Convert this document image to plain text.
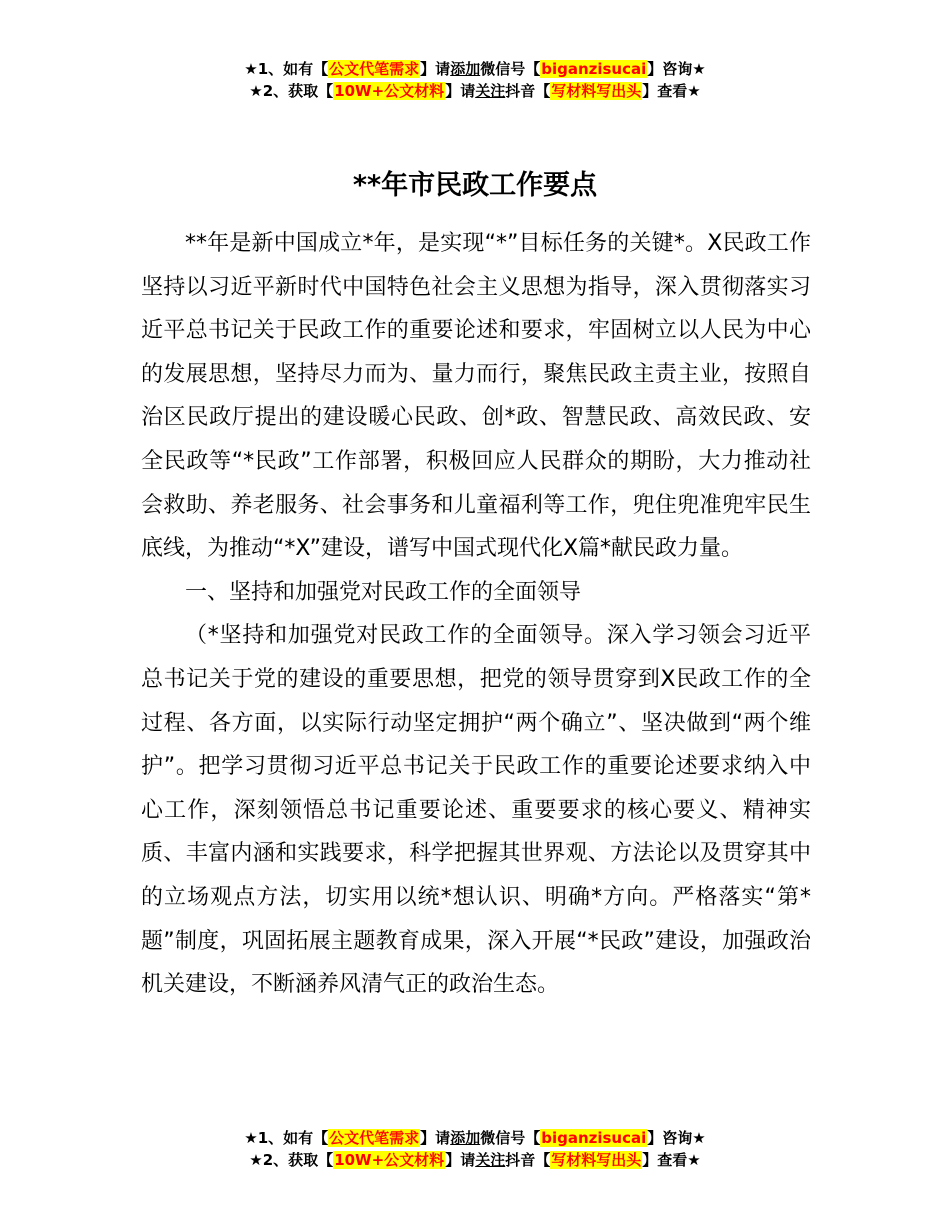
★1、如有【公文代笔需求】请添加微信号【biganzisucai】咨询★
★2、获取【10W+公文材料】请关注抖音【写材料写出头】查看★
**年市民政工作要点

**年是新中国成立*年，是实现“*”目标任务的关键*。X民政工作坚持以习近平新时代中国特色社会主义思想为指导，深入贯彻落实习近平总书记关于民政工作的重要论述和要求，牢固树立以人民为中心的发展思想，坚持尽力而为、量力而行，聚焦民政主责主业，按照自治区民政厅提出的建设暖心民政、创*政、智慧民政、高效民政、安全民政等“*民政”工作部署，积极回应人民群众的期盼，大力推动社会救助、养老服务、社会事务和儿童福利等工作，兜住兜准兜牢民生底线，为推动“*X”建设，谱写中国式现代化X篇*献民政力量。

一、坚持和加强党对民政工作的全面领导

（*坚持和加强党对民政工作的全面领导。深入学习领会习近平总书记关于党的建设的重要思想，把党的领导贯穿到X民政工作的全过程、各方面，以实际行动坚定拥护“两个确立”、坚决做到“两个维护”。把学习贯彻习近平总书记关于民政工作的重要论述要求纳入中心工作，深刻领悟总书记重要论述、重要要求的核心要义、精神实质、丰富内涵和实践要求，科学把握其世界观、方法论以及贯穿其中的立场观点方法，切实用以统*想认识、明确*方向。严格落实“第*题”制度，巩固拓展主题教育成果，深入开展“*民政”建设，加强政治机关建设，不断涵养风清气正的政治生态。

★1、如有【公文代笔需求】请添加微信号【biganzisucai】咨询★
★2、获取【10W+公文材料】请关注抖音【写材料写出头】查看★
